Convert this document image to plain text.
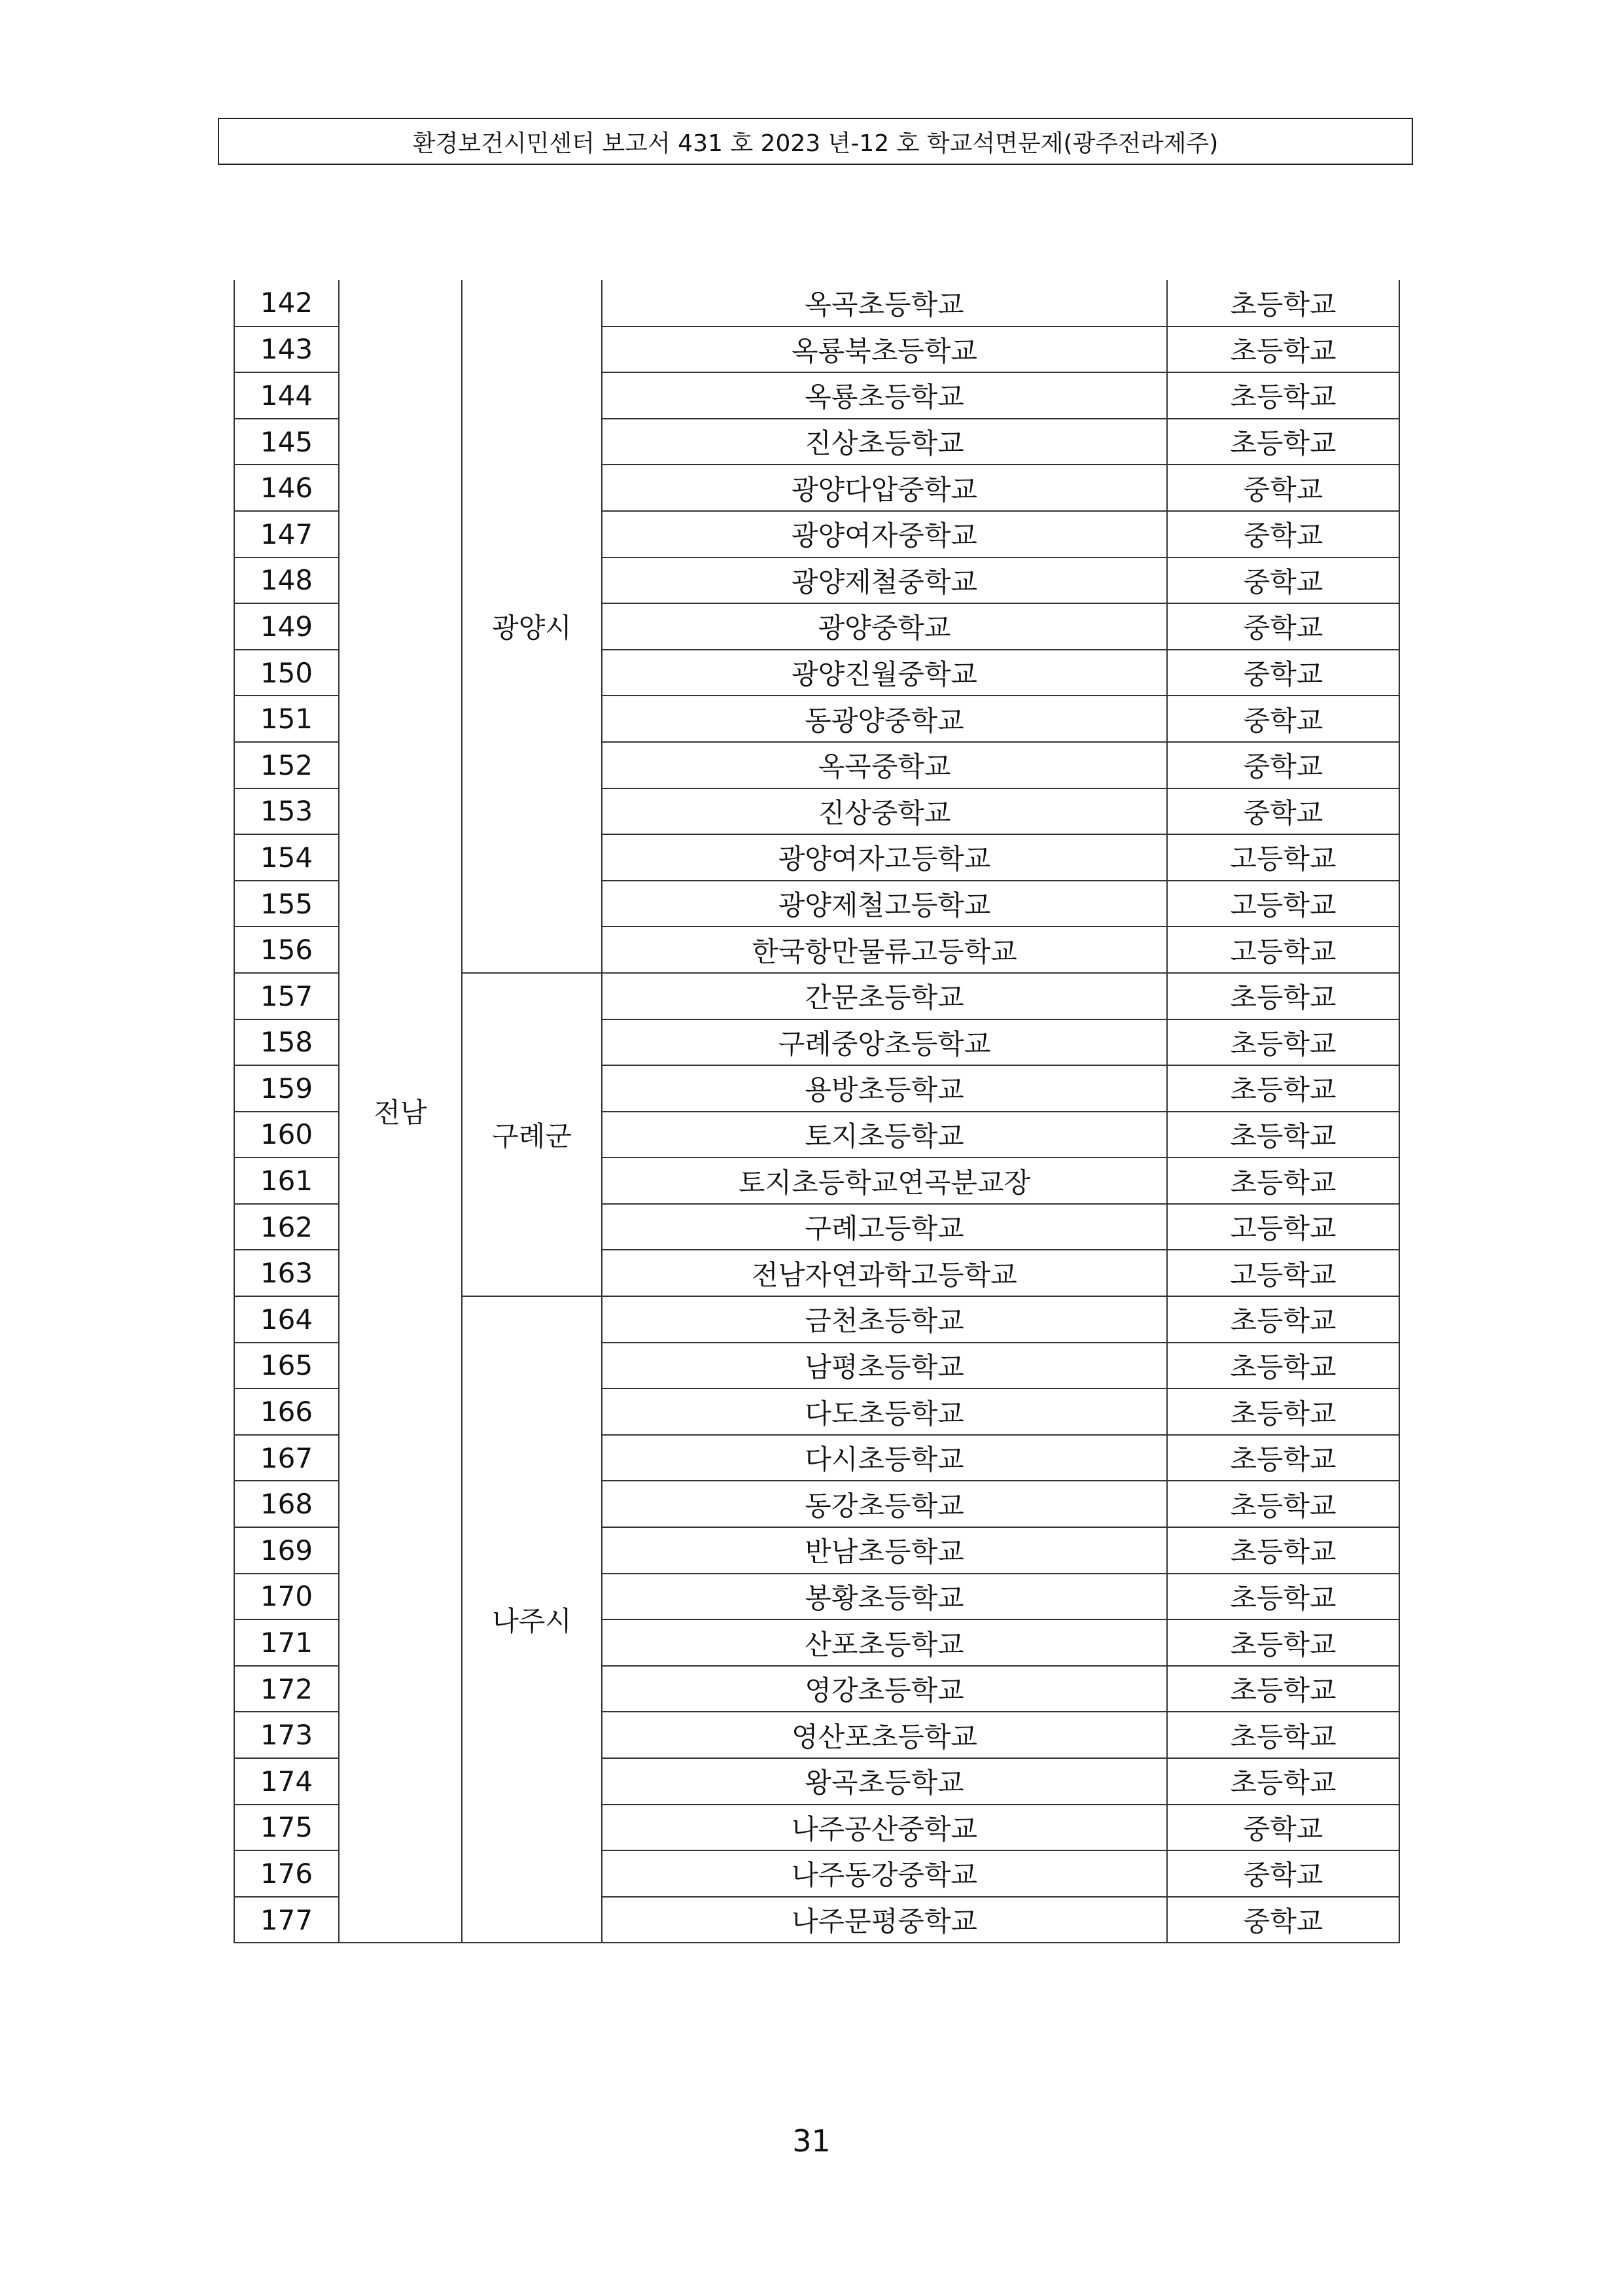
환경보건시민센터 보고서 431 호 2023 년-12 호 학교석면문제(광주전라제주)
142	전남	광양시	옥곡초등학교	초등학교
143			옥룡북초등학교	초등학교
144			옥룡초등학교	초등학교
145			진상초등학교	초등학교
146			광양다압중학교	중학교
147			광양여자중학교	중학교
148			광양제철중학교	중학교
149			광양중학교	중학교
150			광양진월중학교	중학교
151			동광양중학교	중학교
152			옥곡중학교	중학교
153			진상중학교	중학교
154			광양여자고등학교	고등학교
155			광양제철고등학교	고등학교
156			한국항만물류고등학교	고등학교
157		구례군	간문초등학교	초등학교
158			구례중앙초등학교	초등학교
159			용방초등학교	초등학교
160			토지초등학교	초등학교
161			토지초등학교연곡분교장	초등학교
162			구례고등학교	고등학교
163			전남자연과학고등학교	고등학교
164		나주시	금천초등학교	초등학교
165			남평초등학교	초등학교
166			다도초등학교	초등학교
167			다시초등학교	초등학교
168			동강초등학교	초등학교
169			반남초등학교	초등학교
170			봉황초등학교	초등학교
171			산포초등학교	초등학교
172			영강초등학교	초등학교
173			영산포초등학교	초등학교
174			왕곡초등학교	초등학교
175			나주공산중학교	중학교
176			나주동강중학교	중학교
177			나주문평중학교	중학교
31
